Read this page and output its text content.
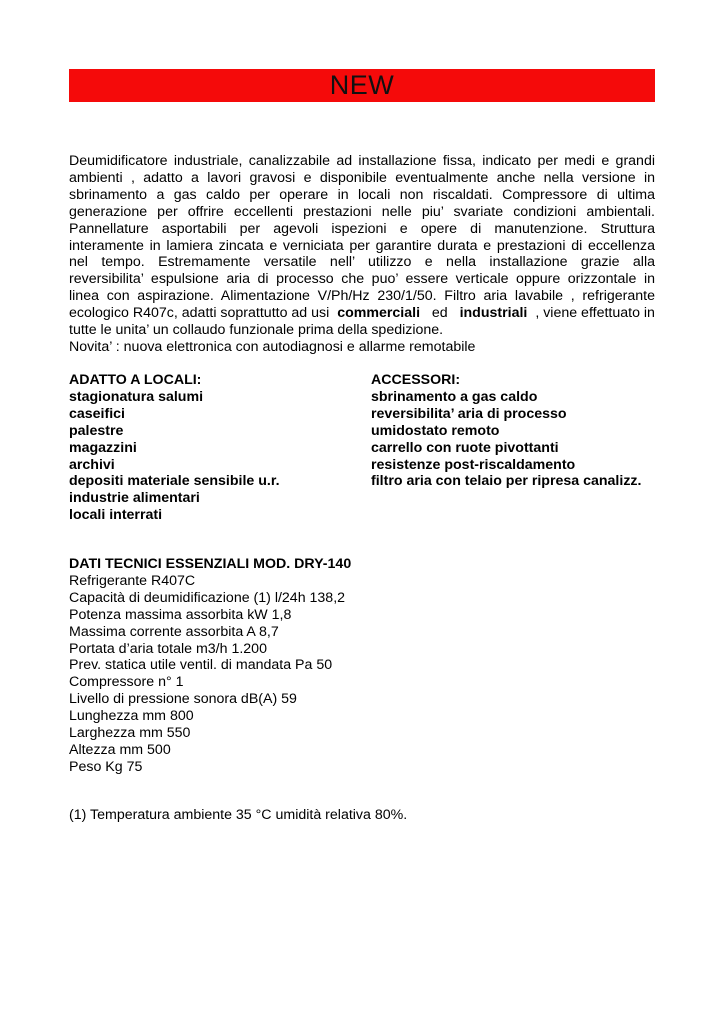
NEW
Deumidificatore industriale, canalizzabile ad installazione fissa, indicato per medi e grandi
ambienti , adatto a lavori gravosi e disponibile eventualmente anche nella versione in
sbrinamento a gas caldo per operare in locali non riscaldati. Compressore di ultima
generazione per offrire eccellenti prestazioni nelle piu’ svariate condizioni ambientali.
Pannellature asportabili per agevoli ispezioni e opere di manutenzione. Struttura
interamente in lamiera zincata e verniciata per garantire durata e prestazioni di eccellenza
nel tempo. Estremamente versatile nell’ utilizzo e nella installazione grazie alla
reversibilita’ espulsione aria di processo che puo’ essere verticale oppure orizzontale in
linea con aspirazione. Alimentazione V/Ph/Hz 230/1/50. Filtro aria lavabile , refrigerante
ecologico R407c, adatti soprattutto ad usi commerciali ed industriali , viene effettuato in
tutte le unita’ un collaudo funzionale prima della spedizione.
Novita’ : nuova elettronica con autodiagnosi e allarme remotabile
ADATTO A LOCALI:
stagionatura salumi
caseifici
palestre
magazzini
archivi
depositi materiale sensibile u.r.
industrie alimentari
locali interrati
ACCESSORI:
sbrinamento a gas caldo
reversibilita’ aria di processo
umidostato remoto
carrello con ruote pivottanti
resistenze post-riscaldamento
filtro aria con telaio per ripresa canalizz.
DATI TECNICI ESSENZIALI MOD. DRY-140
Refrigerante R407C
Capacità di deumidificazione (1) l/24h 138,2
Potenza massima assorbita kW 1,8
Massima corrente assorbita A 8,7
Portata d’aria totale m3/h 1.200
Prev. statica utile ventil. di mandata Pa 50
Compressore n° 1
Livello di pressione sonora dB(A) 59
Lunghezza mm 800
Larghezza mm 550
Altezza mm 500
Peso Kg 75
(1) Temperatura ambiente 35 °C umidità relativa 80%.
